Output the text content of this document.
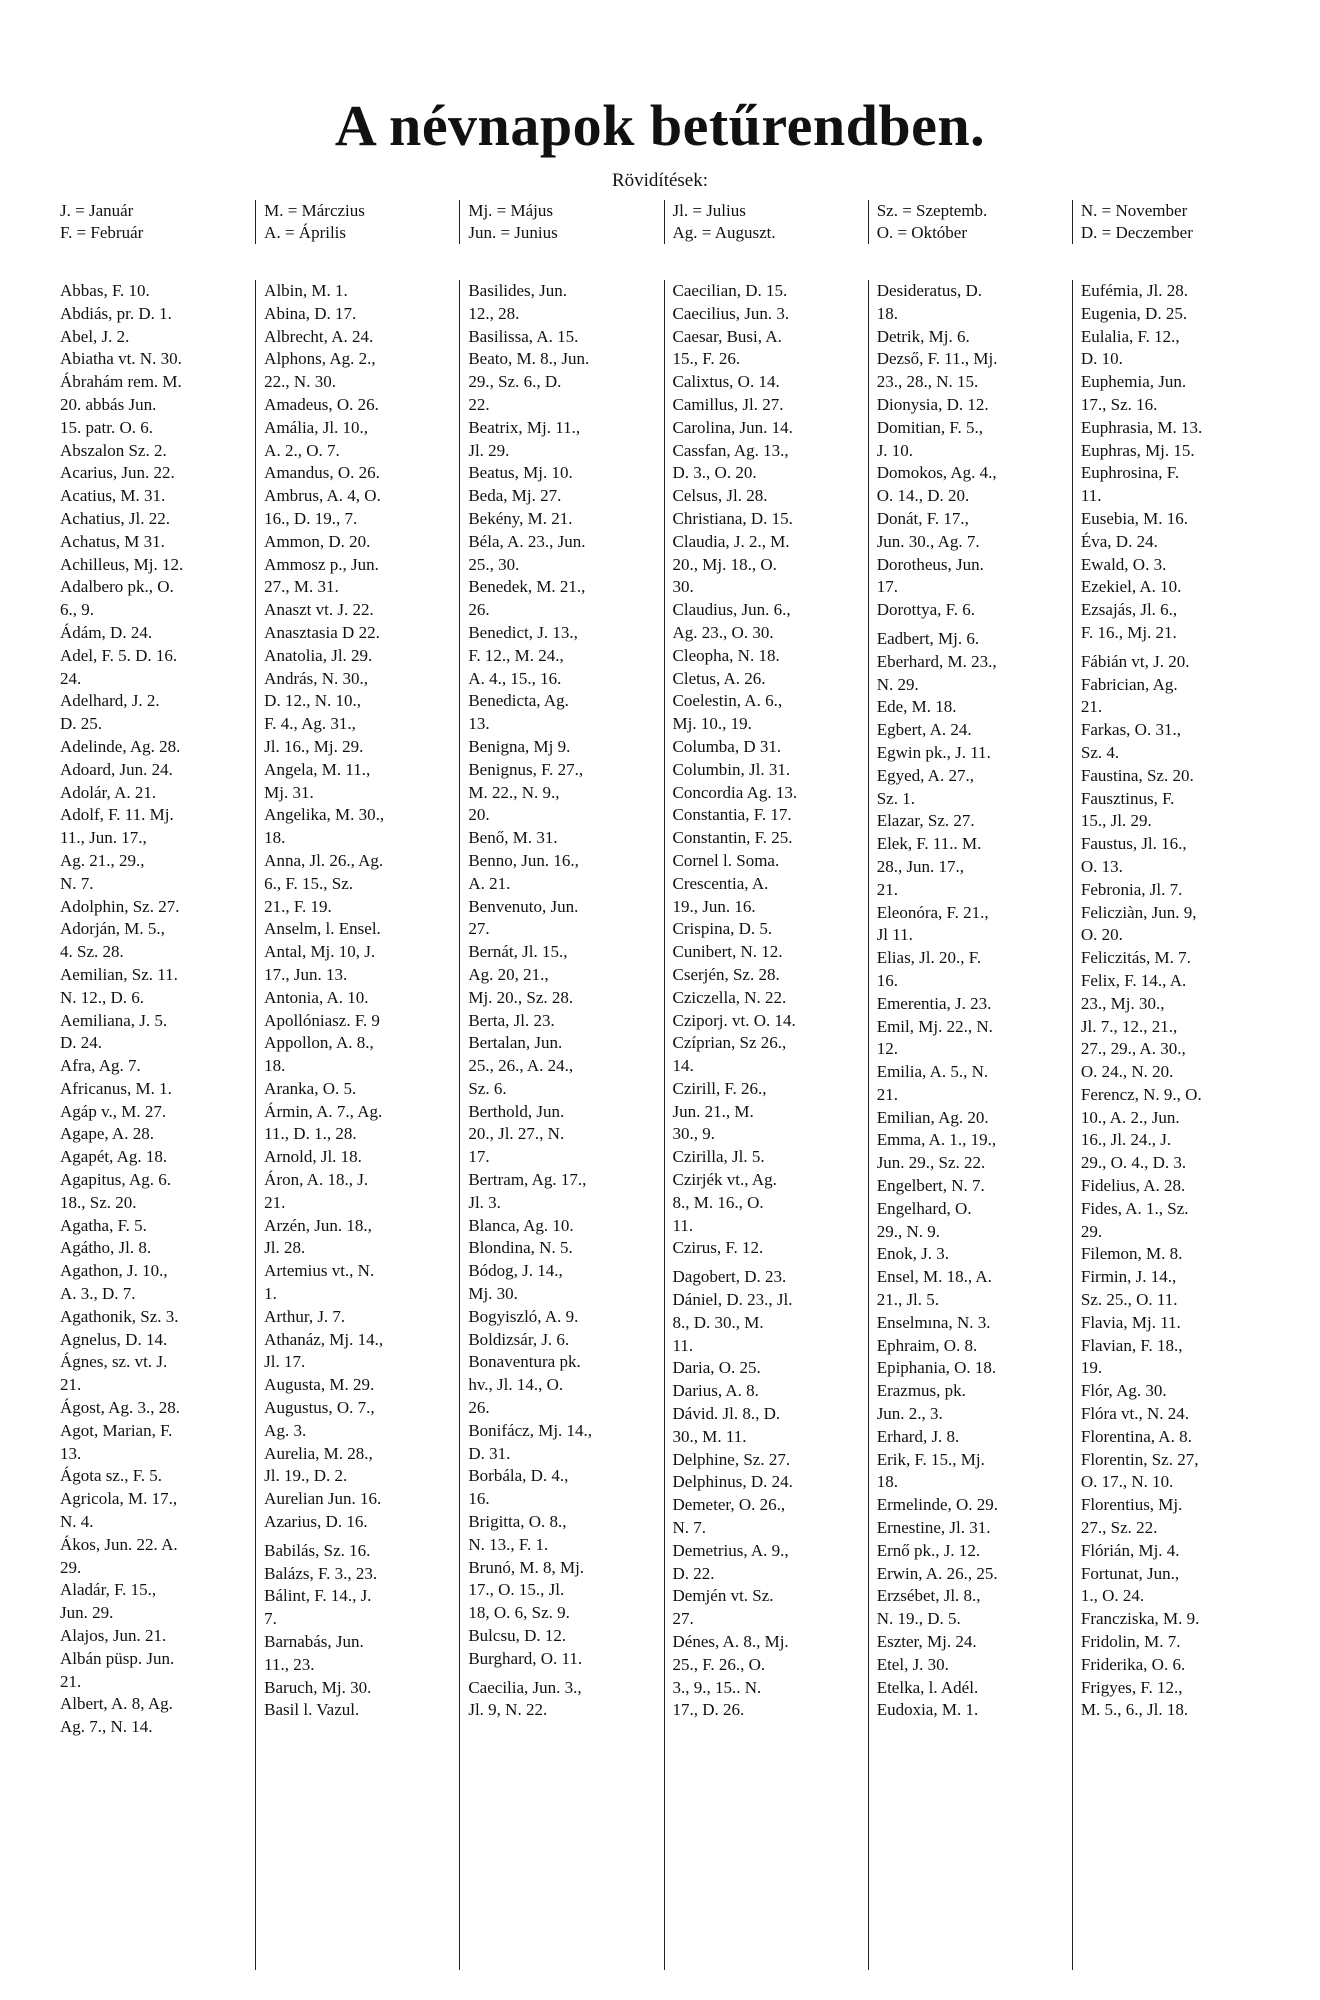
A névnapok betűrendben.
Rövidítések:
J. = Január
F. = Február
M. = Márczius
A. = Április
Mj. = Május
Jun. = Junius
Jl. = Julius
Ag. = Auguszt.
Sz. = Szeptemb.
O. = Október
N. = November
D. = Deczember
Abbas, F. 10.
Abdiás, pr. D. 1.
Abel, J. 2.
Abiatha vt. N. 30.
Ábrahám rem. M.
20. abbás Jun.
15. patr. O. 6.
Abszalon Sz. 2.
Acarius, Jun. 22.
Acatius, M. 31.
Achatius, Jl. 22.
Achatus, M 31.
Achilleus, Mj. 12.
Adalbero pk., O.
6., 9.
Ádám, D. 24.
Adel, F. 5. D. 16.
24.
Adelhard, J. 2.
D. 25.
Adelinde, Ag. 28.
Adoard, Jun. 24.
Adolár, A. 21.
Adolf, F. 11. Mj.
11., Jun. 17.,
Ag. 21., 29.,
N. 7.
Adolphin, Sz. 27.
Adorján, M. 5.,
4. Sz. 28.
Aemilian, Sz. 11.
N. 12., D. 6.
Aemiliana, J. 5.
D. 24.
Afra, Ag. 7.
Africanus, M. 1.
Agáp v., M. 27.
Agape, A. 28.
Agapét, Ag. 18.
Agapitus, Ag. 6.
18., Sz. 20.
Agatha, F. 5.
Agátho, Jl. 8.
Agathon, J. 10.,
A. 3., D. 7.
Agathonik, Sz. 3.
Agnelus, D. 14.
Ágnes, sz. vt. J.
21.
Ágost, Ag. 3., 28.
Agot, Marian, F.
13.
Ágota sz., F. 5.
Agricola, M. 17.,
N. 4.
Ákos, Jun. 22. A.
29.
Aladár, F. 15.,
Jun. 29.
Alajos, Jun. 21.
Albán püsp. Jun.
21.
Albert, A. 8, Ag.
Ag. 7., N. 14.
Albin, M. 1.
Abina, D. 17.
Albrecht, A. 24.
Alphons, Ag. 2.,
22., N. 30.
Amadeus, O. 26.
Amália, Jl. 10.,
A. 2., O. 7.
Amandus, O. 26.
Ambrus, A. 4, O.
16., D. 19., 7.
Ammon, D. 20.
Ammosz p., Jun.
27., M. 31.
Anaszt vt. J. 22.
Anasztasia D 22.
Anatolia, Jl. 29.
András, N. 30.,
D. 12., N. 10.,
F. 4., Ag. 31.,
Jl. 16., Mj. 29.
Angela, M. 11.,
Mj. 31.
Angelika, M. 30.,
18.
Anna, Jl. 26., Ag.
6., F. 15., Sz.
21., F. 19.
Anselm, l. Ensel.
Antal, Mj. 10, J.
17., Jun. 13.
Antonia, A. 10.
Apollóniasz. F. 9
Appollon, A. 8.,
18.
Aranka, O. 5.
Ármin, A. 7., Ag.
11., D. 1., 28.
Arnold, Jl. 18.
Áron, A. 18., J.
21.
Arzén, Jun. 18.,
Jl. 28.
Artemius vt., N.
1.
Arthur, J. 7.
Athanáz, Mj. 14.,
Jl. 17.
Augusta, M. 29.
Augustus, O. 7.,
Ag. 3.
Aurelia, M. 28.,
Jl. 19., D. 2.
Aurelian Jun. 16.
Azarius, D. 16.
Babilás, Sz. 16.
Balázs, F. 3., 23.
Bálint, F. 14., J.
7.
Barnabás, Jun.
11., 23.
Baruch, Mj. 30.
Basil l. Vazul.
Basilides, Jun.
12., 28.
Basilissa, A. 15.
Beato, M. 8., Jun.
29., Sz. 6., D.
22.
Beatrix, Mj. 11.,
Jl. 29.
Beatus, Mj. 10.
Beda, Mj. 27.
Bekény, M. 21.
Béla, A. 23., Jun.
25., 30.
Benedek, M. 21.,
26.
Benedict, J. 13.,
F. 12., M. 24.,
A. 4., 15., 16.
Benedicta, Ag.
13.
Benigna, Mj 9.
Benignus, F. 27.,
M. 22., N. 9.,
20.
Benő, M. 31.
Benno, Jun. 16.,
A. 21.
Benvenuto, Jun.
27.
Bernát, Jl. 15.,
Ag. 20, 21.,
Mj. 20., Sz. 28.
Berta, Jl. 23.
Bertalan, Jun.
25., 26., A. 24.,
Sz. 6.
Berthold, Jun.
20., Jl. 27., N.
17.
Bertram, Ag. 17.,
Jl. 3.
Blanca, Ag. 10.
Blondina, N. 5.
Bódog, J. 14.,
Mj. 30.
Bogyiszló, A. 9.
Boldizsár, J. 6.
Bonaventura pk.
hv., Jl. 14., O.
26.
Bonifácz, Mj. 14.,
D. 31.
Borbála, D. 4.,
16.
Brigitta, O. 8.,
N. 13., F. 1.
Brunó, M. 8, Mj.
17., O. 15., Jl.
18, O. 6, Sz. 9.
Bulcsu, D. 12.
Burghard, O. 11.
Caecilia, Jun. 3.,
Jl. 9, N. 22.
Caecilian, D. 15.
Caecilius, Jun. 3.
Caesar, Busi, A.
15., F. 26.
Calixtus, O. 14.
Camillus, Jl. 27.
Carolina, Jun. 14.
Cassfan, Ag. 13.,
D. 3., O. 20.
Celsus, Jl. 28.
Christiana, D. 15.
Claudia, J. 2., M.
20., Mj. 18., O.
30.
Claudius, Jun. 6.,
Ag. 23., O. 30.
Cleopha, N. 18.
Cletus, A. 26.
Coelestin, A. 6.,
Mj. 10., 19.
Columba, D 31.
Columbin, Jl. 31.
Concordia Ag. 13.
Constantia, F. 17.
Constantin, F. 25.
Cornel l. Soma.
Crescentia, A.
19., Jun. 16.
Crispina, D. 5.
Cunibert, N. 12.
Cserjén, Sz. 28.
Cziczella, N. 22.
Cziporj. vt. O. 14.
Czíprian, Sz 26.,
14.
Czirill, F. 26.,
Jun. 21., M.
30., 9.
Czirilla, Jl. 5.
Czirjék vt., Ag.
8., M. 16., O.
11.
Czirus, F. 12.
Dagobert, D. 23.
Dániel, D. 23., Jl.
8., D. 30., M.
11.
Daria, O. 25.
Darius, A. 8.
Dávid. Jl. 8., D.
30., M. 11.
Delphine, Sz. 27.
Delphinus, D. 24.
Demeter, O. 26.,
N. 7.
Demetrius, A. 9.,
D. 22.
Demjén vt. Sz.
27.
Dénes, A. 8., Mj.
25., F. 26., O.
3., 9., 15.. N.
17., D. 26.
Desideratus, D.
18.
Detrik, Mj. 6.
Dezső, F. 11., Mj.
23., 28., N. 15.
Dionysia, D. 12.
Domitian, F. 5.,
J. 10.
Domokos, Ag. 4.,
O. 14., D. 20.
Donát, F. 17.,
Jun. 30., Ag. 7.
Dorotheus, Jun.
17.
Dorottya, F. 6.
Eadbert, Mj. 6.
Eberhard, M. 23.,
N. 29.
Ede, M. 18.
Egbert, A. 24.
Egwin pk., J. 11.
Egyed, A. 27.,
Sz. 1.
Elazar, Sz. 27.
Elek, F. 11.. M.
28., Jun. 17.,
21.
Eleonóra, F. 21.,
Jl 11.
Elias, Jl. 20., F.
16.
Emerentia, J. 23.
Emil, Mj. 22., N.
12.
Emilia, A. 5., N.
21.
Emilian, Ag. 20.
Emma, A. 1., 19.,
Jun. 29., Sz. 22.
Engelbert, N. 7.
Engelhard, O.
29., N. 9.
Enok, J. 3.
Ensel, M. 18., A.
21., Jl. 5.
Enselmına, N. 3.
Ephraim, O. 8.
Epiphania, O. 18.
Erazmus, pk.
Jun. 2., 3.
Erhard, J. 8.
Erik, F. 15., Mj.
18.
Ermelinde, O. 29.
Ernestine, Jl. 31.
Ernő pk., J. 12.
Erwin, A. 26., 25.
Erzsébet, Jl. 8.,
N. 19., D. 5.
Eszter, Mj. 24.
Etel, J. 30.
Etelka, l. Adél.
Eudoxia, M. 1.
Eufémia, Jl. 28.
Eugenia, D. 25.
Eulalia, F. 12.,
D. 10.
Euphemia, Jun.
17., Sz. 16.
Euphrasia, M. 13.
Euphras, Mj. 15.
Euphrosina, F.
11.
Eusebia, M. 16.
Éva, D. 24.
Ewald, O. 3.
Ezekiel, A. 10.
Ezsajás, Jl. 6.,
F. 16., Mj. 21.
Fábián vt, J. 20.
Fabrician, Ag.
21.
Farkas, O. 31.,
Sz. 4.
Faustina, Sz. 20.
Fausztinus, F.
15., Jl. 29.
Faustus, Jl. 16.,
O. 13.
Febronia, Jl. 7.
Felicziàn, Jun. 9,
O. 20.
Feliczitás, M. 7.
Felix, F. 14., A.
23., Mj. 30.,
Jl. 7., 12., 21.,
27., 29., A. 30.,
O. 24., N. 20.
Ferencz, N. 9., O.
10., A. 2., Jun.
16., Jl. 24., J.
29., O. 4., D. 3.
Fidelius, A. 28.
Fides, A. 1., Sz.
29.
Filemon, M. 8.
Firmin, J. 14.,
Sz. 25., O. 11.
Flavia, Mj. 11.
Flavian, F. 18.,
19.
Flór, Ag. 30.
Flóra vt., N. 24.
Florentina, A. 8.
Florentin, Sz. 27,
O. 17., N. 10.
Florentius, Mj.
27., Sz. 22.
Flórián, Mj. 4.
Fortunat, Jun.,
1., O. 24.
Francziska, M. 9.
Fridolin, M. 7.
Friderika, O. 6.
Frigyes, F. 12.,
M. 5., 6., Jl. 18.
